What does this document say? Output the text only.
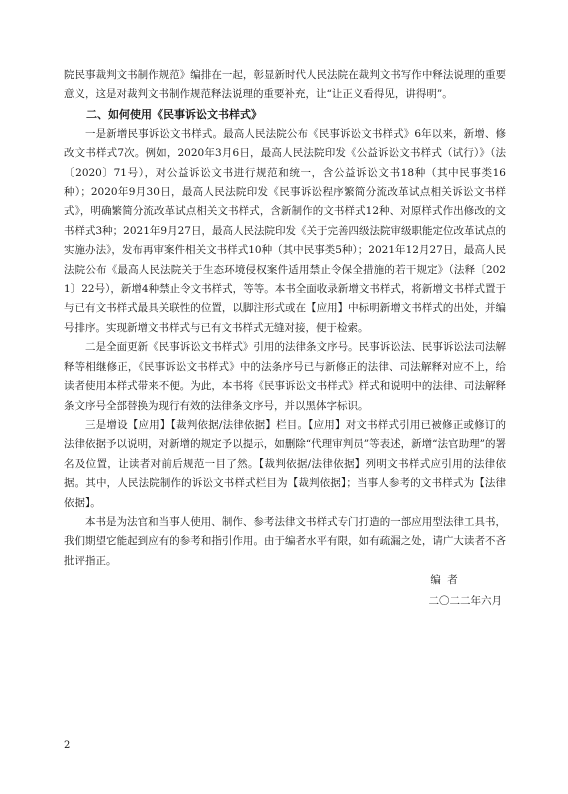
院民事裁判文书制作规范》编排在一起，彰显新时代人民法院在裁判文书写作中释法说理的重要意义，这是对裁判文书制作规范释法说理的重要补充，让“让正义看得见，讲得明”。

二、如何使用《民事诉讼文书样式》

一是新增民事诉讼文书样式。最高人民法院公布《民事诉讼文书样式》6年以来，新增、修改文书样式7次。例如，2020年3月6日，最高人民法院印发《公益诉讼文书样式（试行）》（法〔2020〕71号），对公益诉讼文书进行规范和统一，含公益诉讼文书18种（其中民事类16种）；2020年9月30日，最高人民法院印发《民事诉讼程序繁简分流改革试点相关诉讼文书样式》，明确繁简分流改革试点相关文书样式，含新制作的文书样式12种、对原样式作出修改的文书样式3种；2021年9月27日，最高人民法院印发《关于完善四级法院审级职能定位改革试点的实施办法》，发布再审案件相关文书样式10种（其中民事类5种）；2021年12月27日，最高人民法院公布《最高人民法院关于生态环境侵权案件适用禁止令保全措施的若干规定》（法释〔2021〕22号），新增4种禁止令文书样式，等等。本书全面收录新增文书样式，将新增文书样式置于与已有文书样式最具关联性的位置，以脚注形式或在【应用】中标明新增文书样式的出处，并编号排序。实现新增文书样式与已有文书样式无缝对接，便于检索。

二是全面更新《民事诉讼文书样式》引用的法律条文序号。民事诉讼法、民事诉讼法司法解释等相继修正，《民事诉讼文书样式》中的法条序号已与新修正的法律、司法解释对应不上，给读者使用本样式带来不便。为此，本书将《民事诉讼文书样式》样式和说明中的法律、司法解释条文序号全部替换为现行有效的法律条文序号，并以黑体字标识。

三是增设【应用】【裁判依据/法律依据】栏目。【应用】对文书样式引用已被修正或修订的法律依据予以说明，对新增的规定予以提示，如删除“代理审判员”等表述，新增“法官助理”的署名及位置，让读者对前后规范一目了然。【裁判依据/法律依据】列明文书样式应引用的法律依据。其中，人民法院制作的诉讼文书样式栏目为【裁判依据】；当事人参考的文书样式为【法律依据】。

本书是为法官和当事人使用、制作、参考法律文书样式专门打造的一部应用型法律工具书，我们期望它能起到应有的参考和指引作用。由于编者水平有限，如有疏漏之处，请广大读者不吝批评指正。

编者
二〇二二年六月
2
